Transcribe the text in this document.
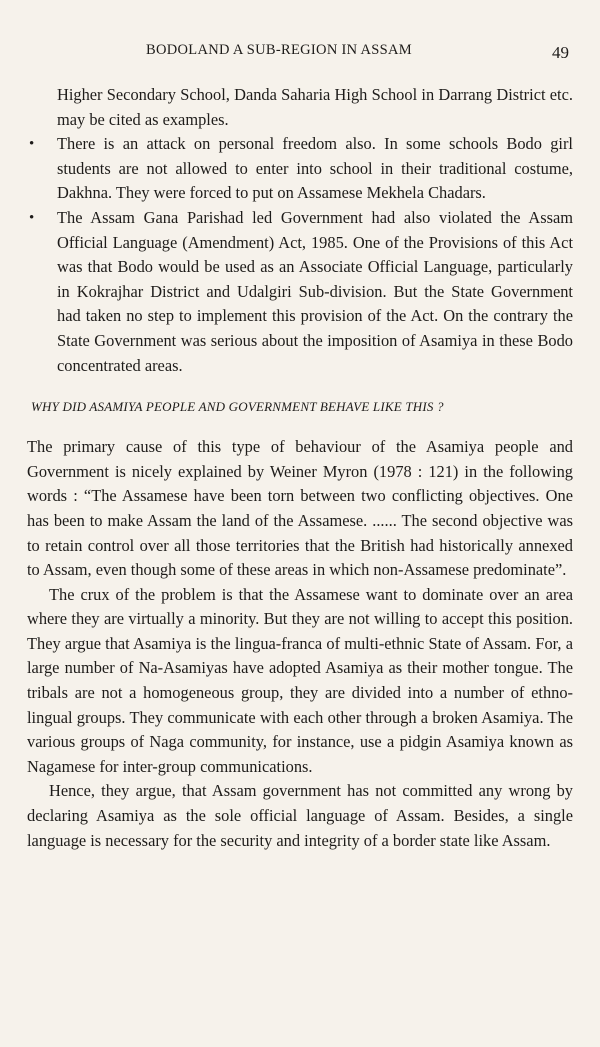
BODOLAND A SUB-REGION IN ASSAM	49

Higher Secondary School, Danda Saharia High School in Darrang District etc. may be cited as examples.

• There is an attack on personal freedom also. In some schools Bodo girl students are not allowed to enter into school in their traditional costume, Dakhna. They were forced to put on Assamese Mekhela Chadars.
• The Assam Gana Parishad led Government had also violated the Assam Official Language (Amendment) Act, 1985. One of the Provisions of this Act was that Bodo would be used as an Associate Official Language, particularly in Kokrajhar District and Udalgiri Sub-division. But the State Government had taken no step to implement this provision of the Act. On the contrary the State Government was serious about the imposition of Asamiya in these Bodo concentrated areas.
WHY DID ASAMIYA PEOPLE AND GOVERNMENT BEHAVE LIKE THIS ?

The primary cause of this type of behaviour of the Asamiya people and Government is nicely explained by Weiner Myron (1978 : 121) in the following words : “The Assamese have been torn between two conflicting objectives. One has been to make Assam the land of the Assamese. ...... The second objective was to retain control over all those territories that the British had historically annexed to Assam, even though some of these areas in which non-Assamese predominate”.

The crux of the problem is that the Assamese want to dominate over an area where they are virtually a minority. But they are not willing to accept this position. They argue that Asamiya is the lingua-franca of multi-ethnic State of Assam. For, a large number of Na-Asamiyas have adopted Asamiya as their mother tongue. The tribals are not a homogeneous group, they are divided into a number of ethno-lingual groups. They communicate with each other through a broken Asamiya. The various groups of Naga community, for instance, use a pidgin Asamiya known as Nagamese for inter-group communications.

Hence, they argue, that Assam government has not committed any wrong by declaring Asamiya as the sole official language of Assam. Besides, a single language is necessary for the security and integrity of a border state like Assam.
